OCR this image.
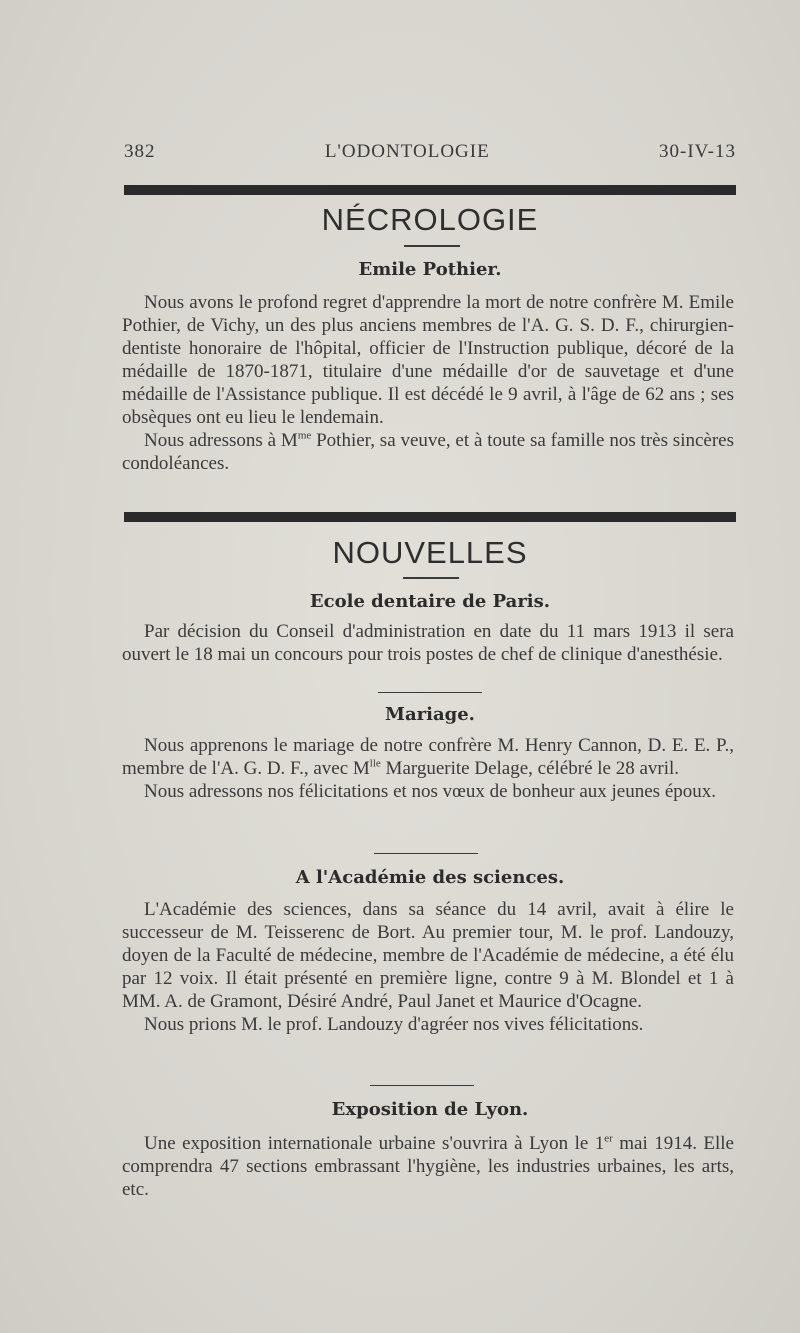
382	L'ODONTOLOGIE	30-IV-13
NÉCROLOGIE
Emile Pothier.

Nous avons le profond regret d'apprendre la mort de notre confrère M. Emile Pothier, de Vichy, un des plus anciens membres de l'A. G. S. D. F., chirurgien-dentiste honoraire de l'hôpital, officier de l'Instruction publique, décoré de la médaille de 1870-1871, titulaire d'une médaille d'or de sauvetage et d'une médaille de l'Assistance publique. Il est décédé le 9 avril, à l'âge de 62 ans ; ses obsèques ont eu lieu le lendemain.

Nous adressons à $M^{me}$ Pothier, sa veuve, et à toute sa famille nos très sincères condoléances.

NOUVELLES
Ecole dentaire de Paris.

Par décision du Conseil d'administration en date du 11 mars 1913 il sera ouvert le 18 mai un concours pour trois postes de chef de clinique d'anesthésie.

Mariage.

Nous apprenons le mariage de notre confrère M. Henry Cannon, D. E. E. P., membre de l'A. G. D. F., avec $M^{lle}$ Marguerite Delage, célébré le 28 avril.

Nous adressons nos félicitations et nos vœux de bonheur aux jeunes époux.

A l'Académie des sciences.

L'Académie des sciences, dans sa séance du 14 avril, avait à élire le successeur de M. Teisserenc de Bort. Au premier tour, M. le prof. Landouzy, doyen de la Faculté de médecine, membre de l'Académie de médecine, a été élu par 12 voix. Il était présenté en première ligne, contre 9 à M. Blondel et 1 à MM. A. de Gramont, Désiré André, Paul Janet et Maurice d'Ocagne.

Nous prions M. le prof. Landouzy d'agréer nos vives félicitations.

Exposition de Lyon.

Une exposition internationale urbaine s'ouvrira à Lyon le 1er mai 1914. Elle comprendra 47 sections embrassant l'hygiène, les industries urbaines, les arts, etc.
